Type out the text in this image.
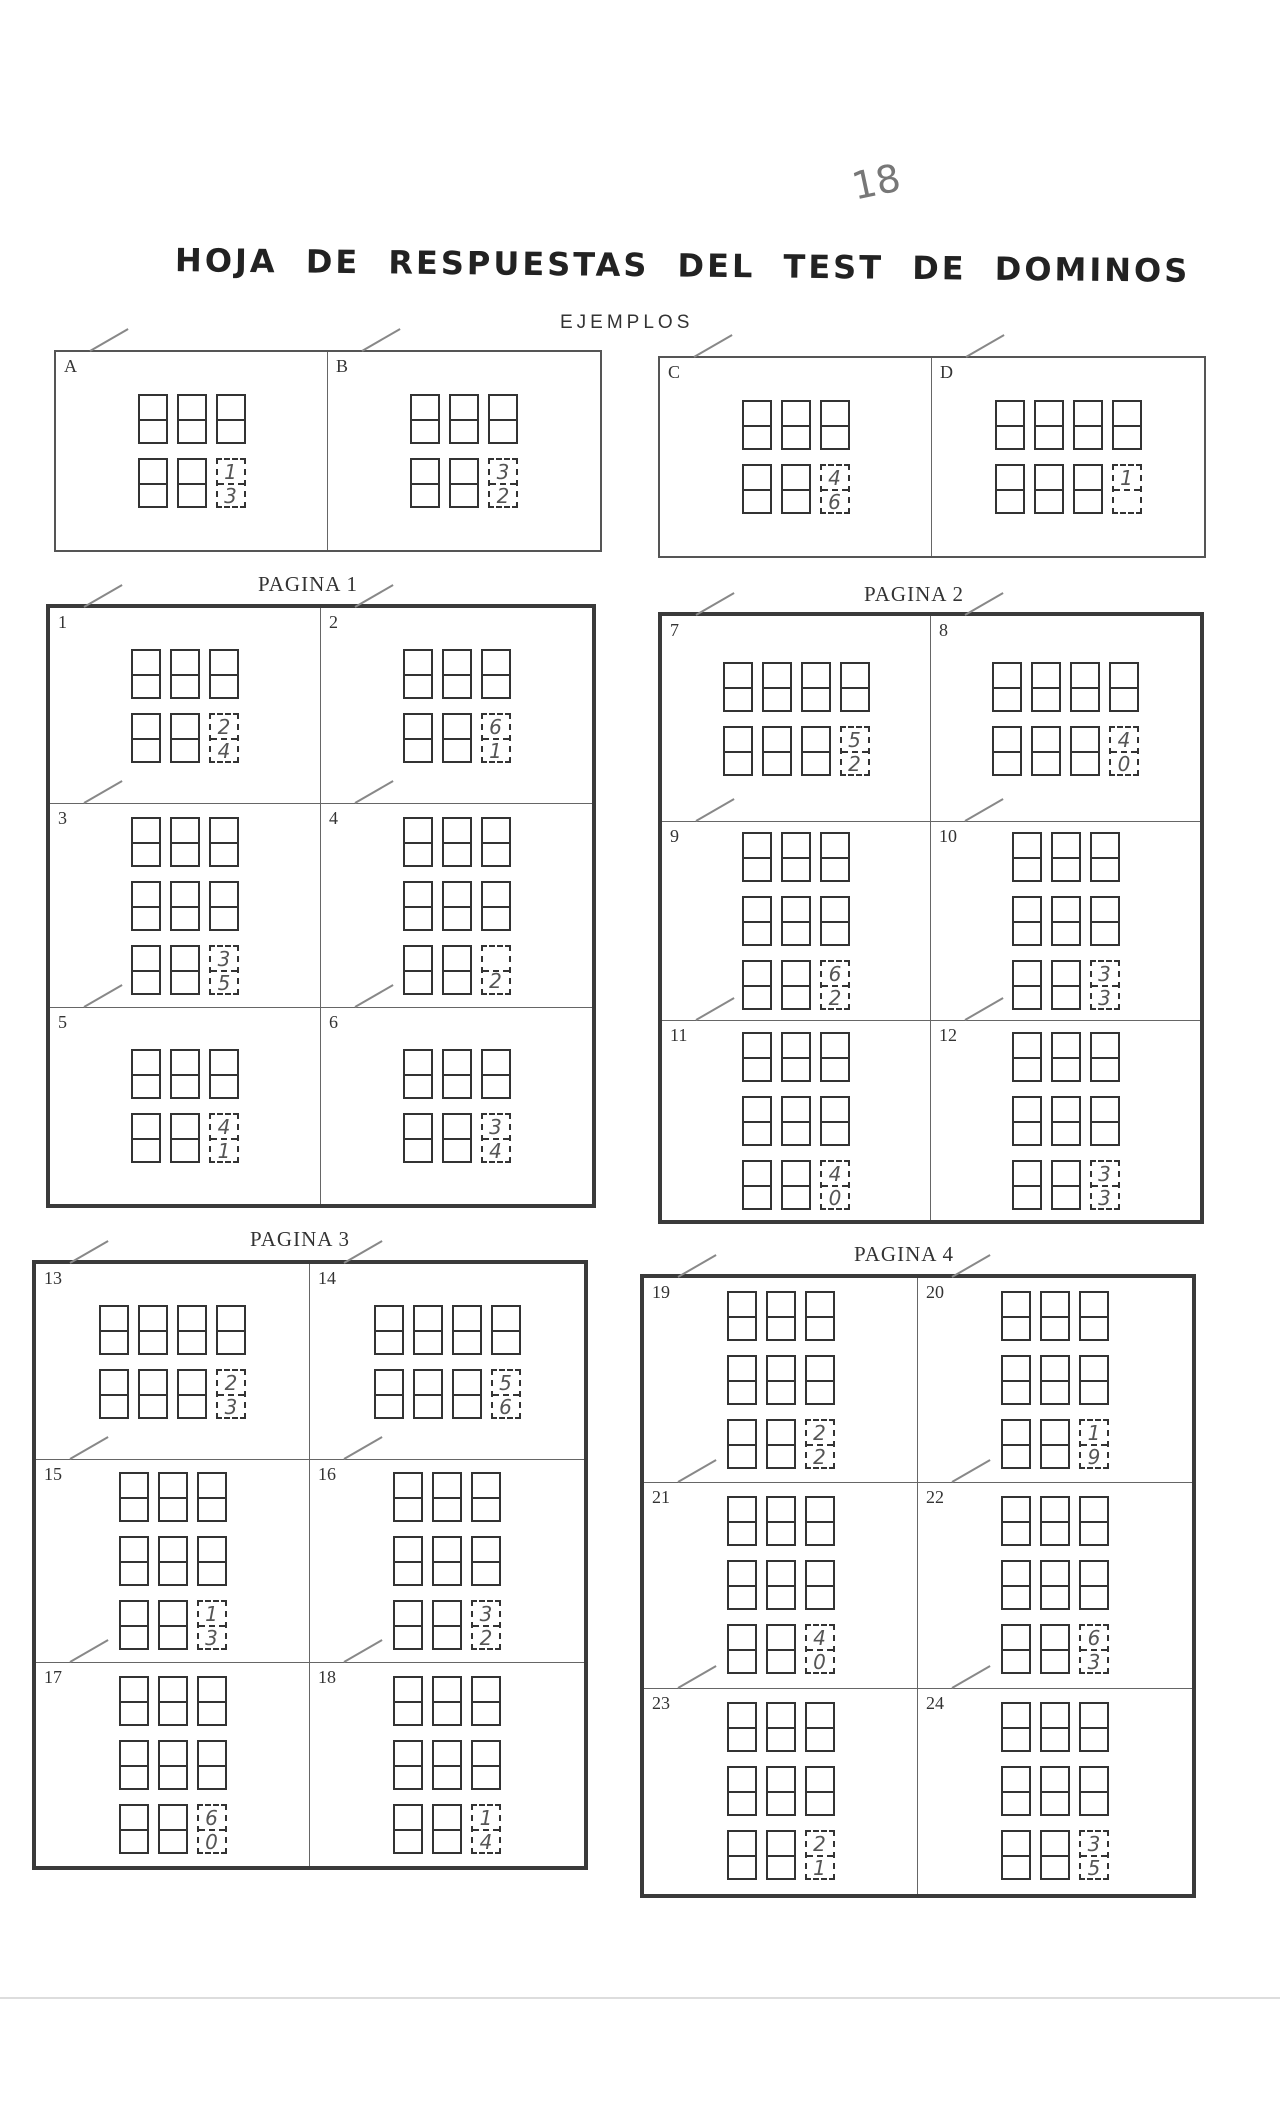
18
HOJA DE RESPUESTAS DEL TEST DE DOMINOS
EJEMPLOS
A
1
3
B
3
2
C
4
6
D
1
PAGINA 1	PAGINA 2
PAGINA 3
PAGINA 4
1
2
4
2
6
1
3
3
5
4
2
5
4
1
6
3
4
7
5
2
8
4
0
9
6
2
10
3
3
11
4
0
12
3
3
13
2
3
14
5
6
15
1
3
16
3
2
17
6
0
18
1
4
19
2
2
20
1
9
21
4
0
22
6
3
23
2
1
24
3
5
